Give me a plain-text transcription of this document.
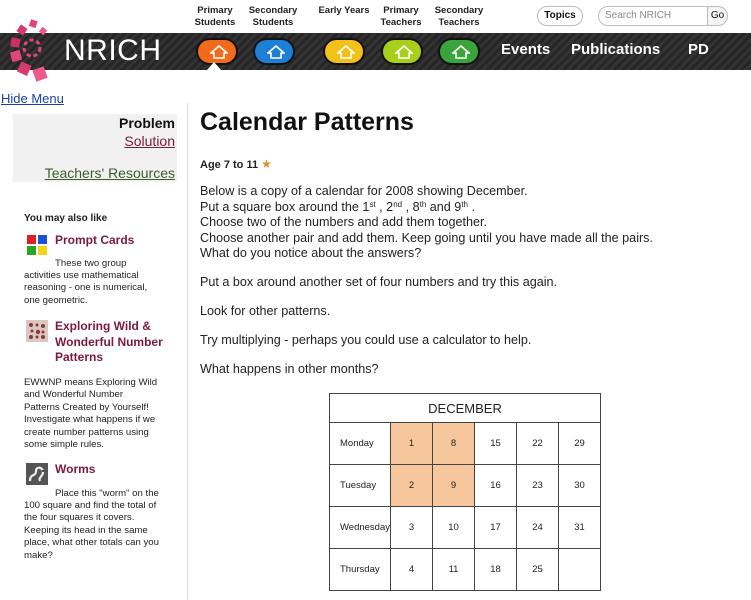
Primary
Students
Secondary
Students
Early Years	Primary
Teachers
Secondary
Teachers
Topics	Search NRICH	Go
NRICH	Events Publications PD
Hide Menu
Problem
Solution
Teachers' Resources
You may also like
Prompt Cards
These two group
activities use mathematical
reasoning - one is numerical,
one geometric.
Exploring Wild & Wonderful Number Patterns
EWWNP means Exploring Wild
and Wonderful Number
Patterns Created by Yourself!
Investigate what happens if we
create number patterns using
some simple rules.
Worms
Place this "worm" on the
100 square and find the total of
the four squares it covers.
Keeping its head in the same
place, what other totals can you
make?
Calendar Patterns
Age 7 to 11 ★
Below is a copy of a calendar for 2008 showing December.
Put a square box around the 1st , 2nd , 8th and 9th .
Choose two of the numbers and add them together.
Choose another pair and add them. Keep going until you have made all the pairs.
What do you notice about the answers?
Put a box around another set of four numbers and try this again.
Look for other patterns.
Try multiplying - perhaps you could use a calculator to help.
What happens in other months?
DECEMBER					
Monday	1	8	15	22	29
Tuesday	2	9	16	23	30
Wednesday	3	10	17	24	31
Thursday	4	11	18	25	
